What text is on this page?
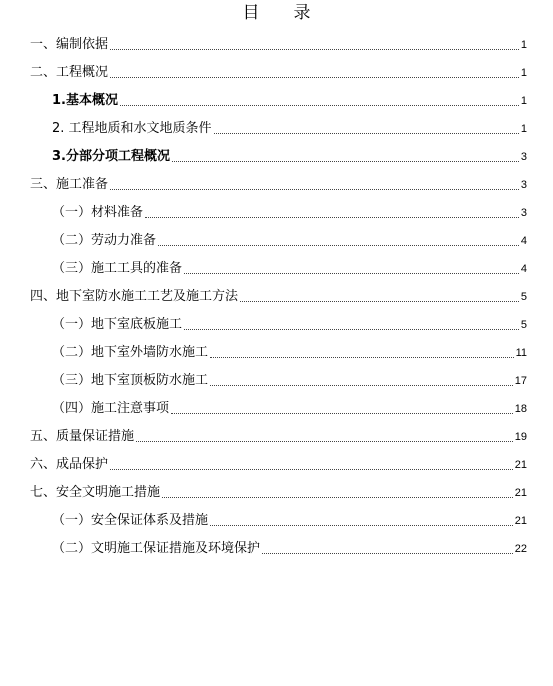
目 录
一、编制依据	1
二、工程概况	1
1.基本概况	1
2. 工程地质和水文地质条件	1
3.分部分项工程概况	3
三、施工准备	3
（一）材料准备	3
（二）劳动力准备	4
（三）施工工具的准备	4
四、地下室防水施工工艺及施工方法	5
（一）地下室底板施工	5
（二）地下室外墙防水施工	11
（三）地下室顶板防水施工	17
（四）施工注意事项	18
五、质量保证措施	19
六、成品保护	21
七、安全文明施工措施	21
（一）安全保证体系及措施	21
（二）文明施工保证措施及环境保护	22
